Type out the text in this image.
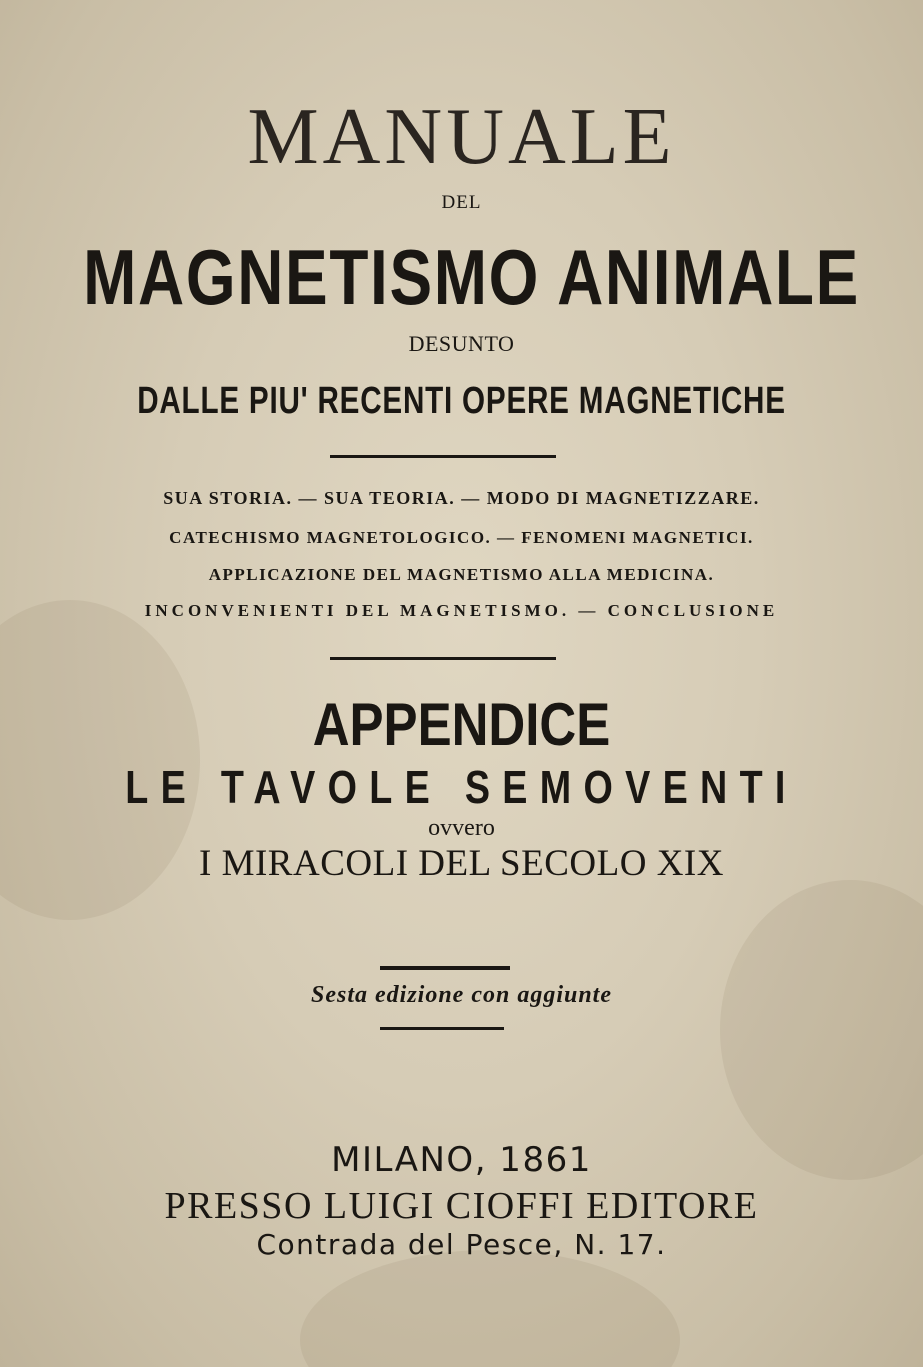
MANUALE
DEL
MAGNETISMO ANIMALE
DESUNTO
DALLE PIU' RECENTI OPERE MAGNETICHE
SUA STORIA. — SUA TEORIA. — MODO DI MAGNETIZZARE.
CATECHISMO MAGNETOLOGICO. — FENOMENI MAGNETICI.
APPLICAZIONE DEL MAGNETISMO ALLA MEDICINA.
INCONVENIENTI DEL MAGNETISMO. — CONCLUSIONE
APPENDICE
LE TAVOLE SEMOVENTI
ovvero
I MIRACOLI DEL SECOLO XIX
Sesta edizione con aggiunte
MILANO, 1861
PRESSO LUIGI CIOFFI EDITORE
Contrada del Pesce, N. 17.
